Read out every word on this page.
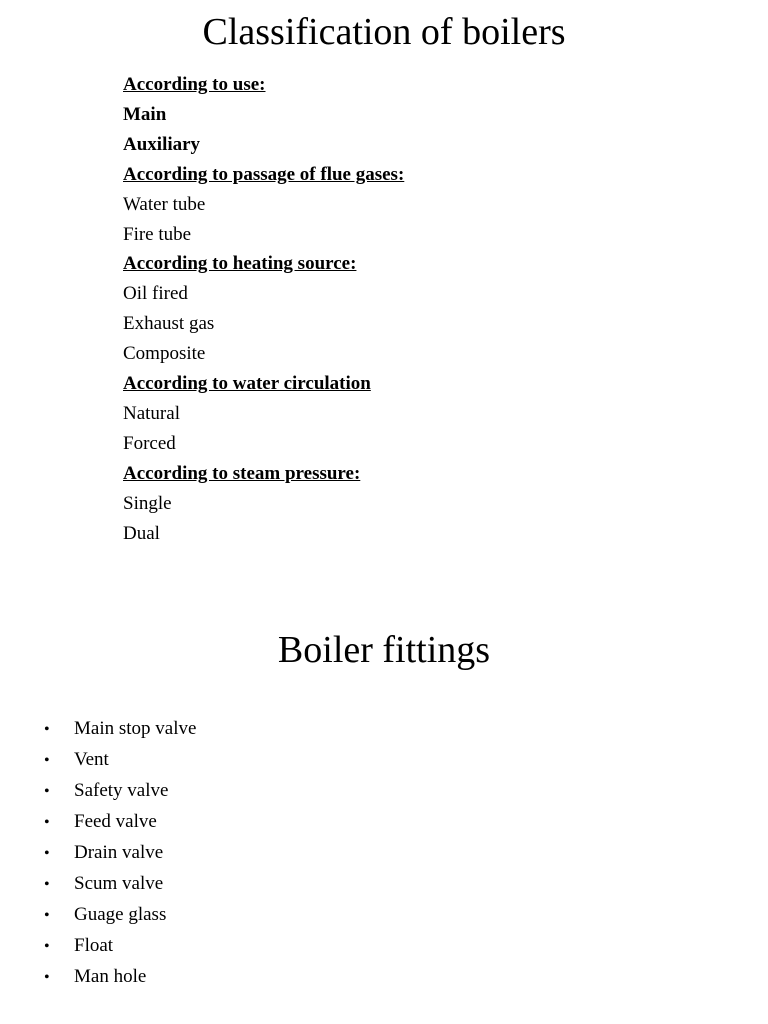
Classification of boilers
According to use:
Main
Auxiliary
According to passage of flue gases:
Water tube
Fire tube
According to heating source:
Oil fired
Exhaust gas
Composite
According to water circulation
Natural
Forced
According to steam pressure:
Single
Dual
Boiler fittings
•	Main stop valve
•	Vent
•	Safety valve
•	Feed valve
•	Drain valve
•	Scum valve
•	Guage glass
•	Float
•	Man hole
